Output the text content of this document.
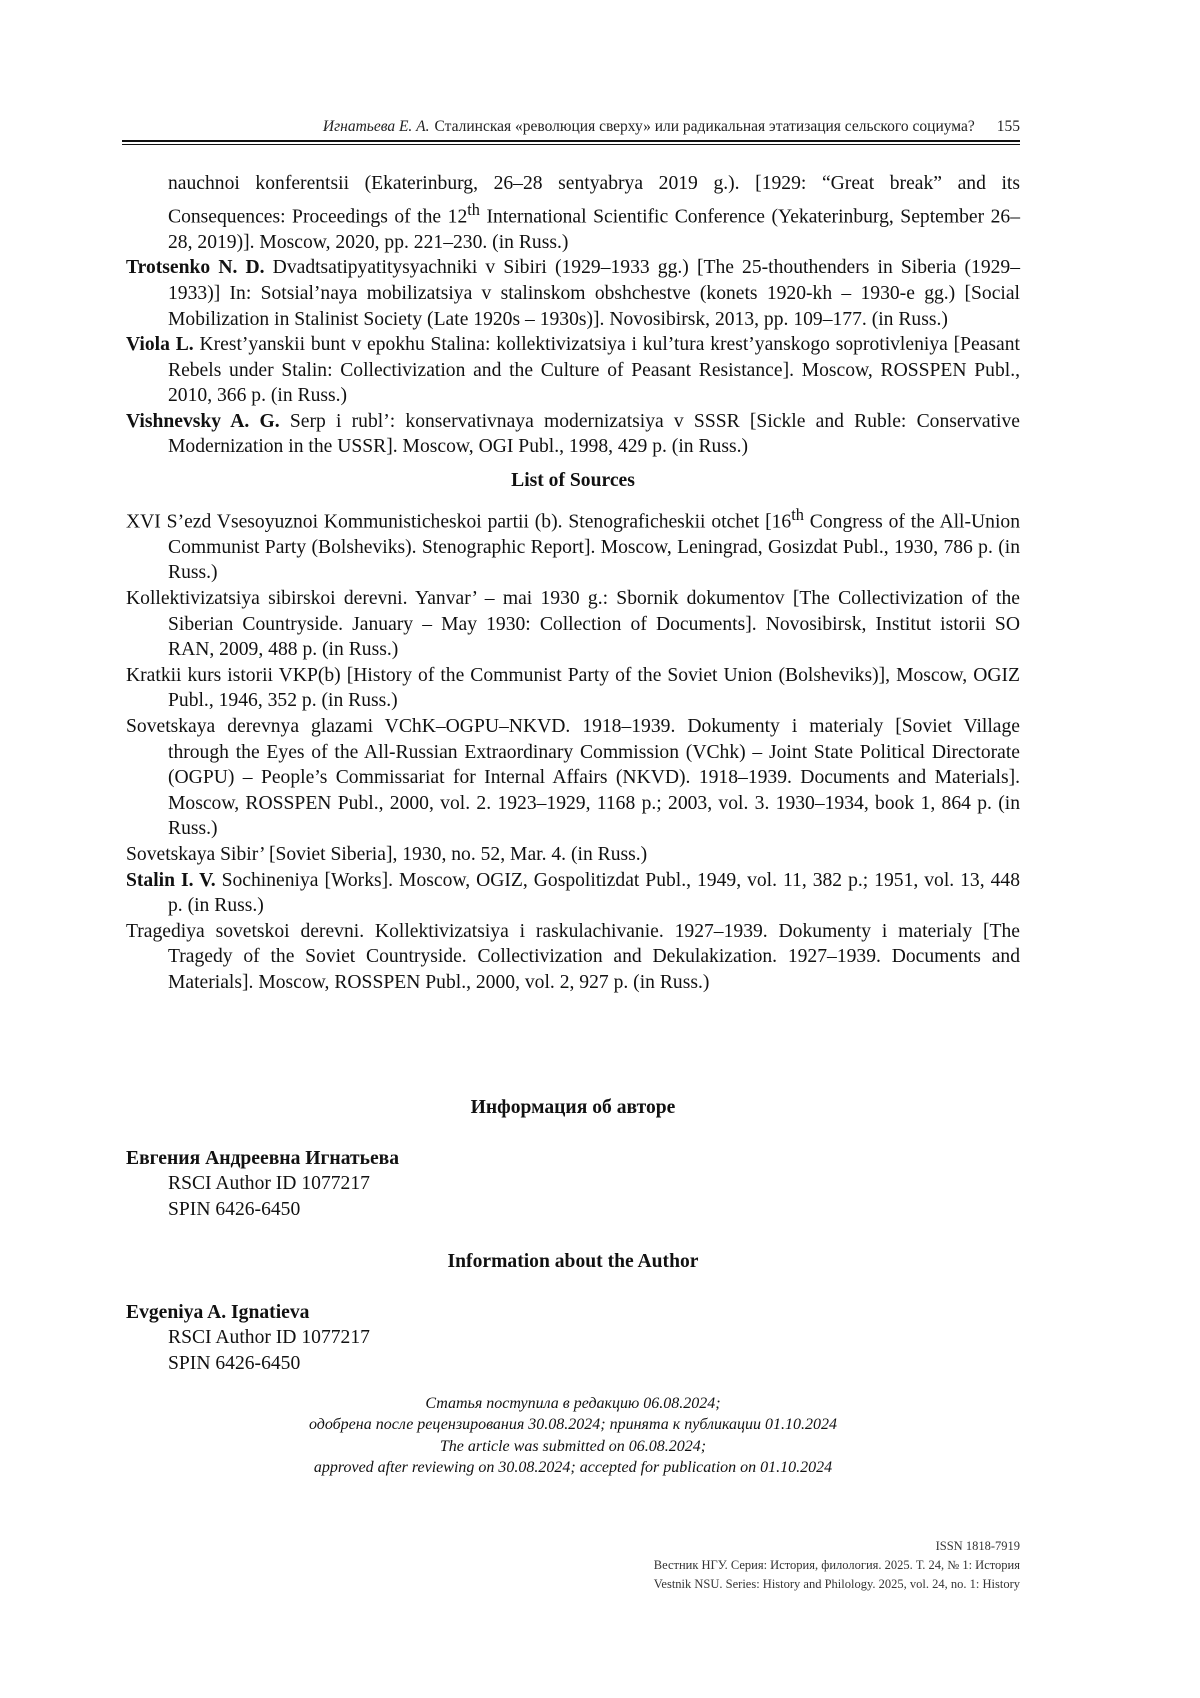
Игнатьева Е. А. Сталинская «революция сверху» или радикальная этатизация сельского социума? 155
nauchnoi konferentsii (Ekaterinburg, 26–28 sentyabrya 2019 g.). [1929: “Great break” and its Consequences: Proceedings of the 12th International Scientific Conference (Yekaterinburg, September 26–28, 2019)]. Moscow, 2020, pp. 221–230. (in Russ.)
Trotsenko N. D. Dvadtsatipyatitysyachniki v Sibiri (1929–1933 gg.) [The 25-thouthenders in Siberia (1929–1933)] In: Sotsial’naya mobilizatsiya v stalinskom obshchestve (konets 1920-kh – 1930-e gg.) [Social Mobilization in Stalinist Society (Late 1920s – 1930s)]. Novosibirsk, 2013, pp. 109–177. (in Russ.)
Viola L. Krest’yanskii bunt v epokhu Stalina: kollektivizatsiya i kul’tura krest’yanskogo soprotivleniya [Peasant Rebels under Stalin: Collectivization and the Culture of Peasant Resistance]. Moscow, ROSSPEN Publ., 2010, 366 p. (in Russ.)
Vishnevsky A. G. Serp i rubl’: konservativnaya modernizatsiya v SSSR [Sickle and Ruble: Conservative Modernization in the USSR]. Moscow, OGI Publ., 1998, 429 p. (in Russ.)
List of Sources
XVI S’ezd Vsesoyuznoi Kommunisticheskoi partii (b). Stenograficheskii otchet [16th Congress of the All-Union Communist Party (Bolsheviks). Stenographic Report]. Moscow, Leningrad, Gosizdat Publ., 1930, 786 p. (in Russ.)
Kollektivizatsiya sibirskoi derevni. Yanvar’ – mai 1930 g.: Sbornik dokumentov [The Collectivization of the Siberian Countryside. January – May 1930: Collection of Documents]. Novosibirsk, Institut istorii SO RAN, 2009, 488 p. (in Russ.)
Kratkii kurs istorii VKP(b) [History of the Communist Party of the Soviet Union (Bolsheviks)], Moscow, OGIZ Publ., 1946, 352 p. (in Russ.)
Sovetskaya derevnya glazami VChK–OGPU–NKVD. 1918–1939. Dokumenty i materialy [Soviet Village through the Eyes of the All-Russian Extraordinary Commission (VChk) – Joint State Political Directorate (OGPU) – People’s Commissariat for Internal Affairs (NKVD). 1918–1939. Documents and Materials]. Moscow, ROSSPEN Publ., 2000, vol. 2. 1923–1929, 1168 p.; 2003, vol. 3. 1930–1934, book 1, 864 p. (in Russ.)
Sovetskaya Sibir’ [Soviet Siberia], 1930, no. 52, Mar. 4. (in Russ.)
Stalin I. V. Sochineniya [Works]. Moscow, OGIZ, Gospolitizdat Publ., 1949, vol. 11, 382 p.; 1951, vol. 13, 448 p. (in Russ.)
Tragediya sovetskoi derevni. Kollektivizatsiya i raskulachivanie. 1927–1939. Dokumenty i materialy [The Tragedy of the Soviet Countryside. Collectivization and Dekulakization. 1927–1939. Documents and Materials]. Moscow, ROSSPEN Publ., 2000, vol. 2, 927 p. (in Russ.)
Информация об авторе
Евгения Андреевна Игнатьева
RSCI Author ID 1077217
SPIN 6426-6450
Information about the Author
Evgeniya A. Ignatieva
RSCI Author ID 1077217
SPIN 6426-6450
Статья поступила в редакцию 06.08.2024;
одобрена после рецензирования 30.08.2024; принята к публикации 01.10.2024
The article was submitted on 06.08.2024;
approved after reviewing on 30.08.2024; accepted for publication on 01.10.2024
ISSN 1818-7919
Вестник НГУ. Серия: История, филология. 2025. Т. 24, № 1: История
Vestnik NSU. Series: History and Philology. 2025, vol. 24, no. 1: History
